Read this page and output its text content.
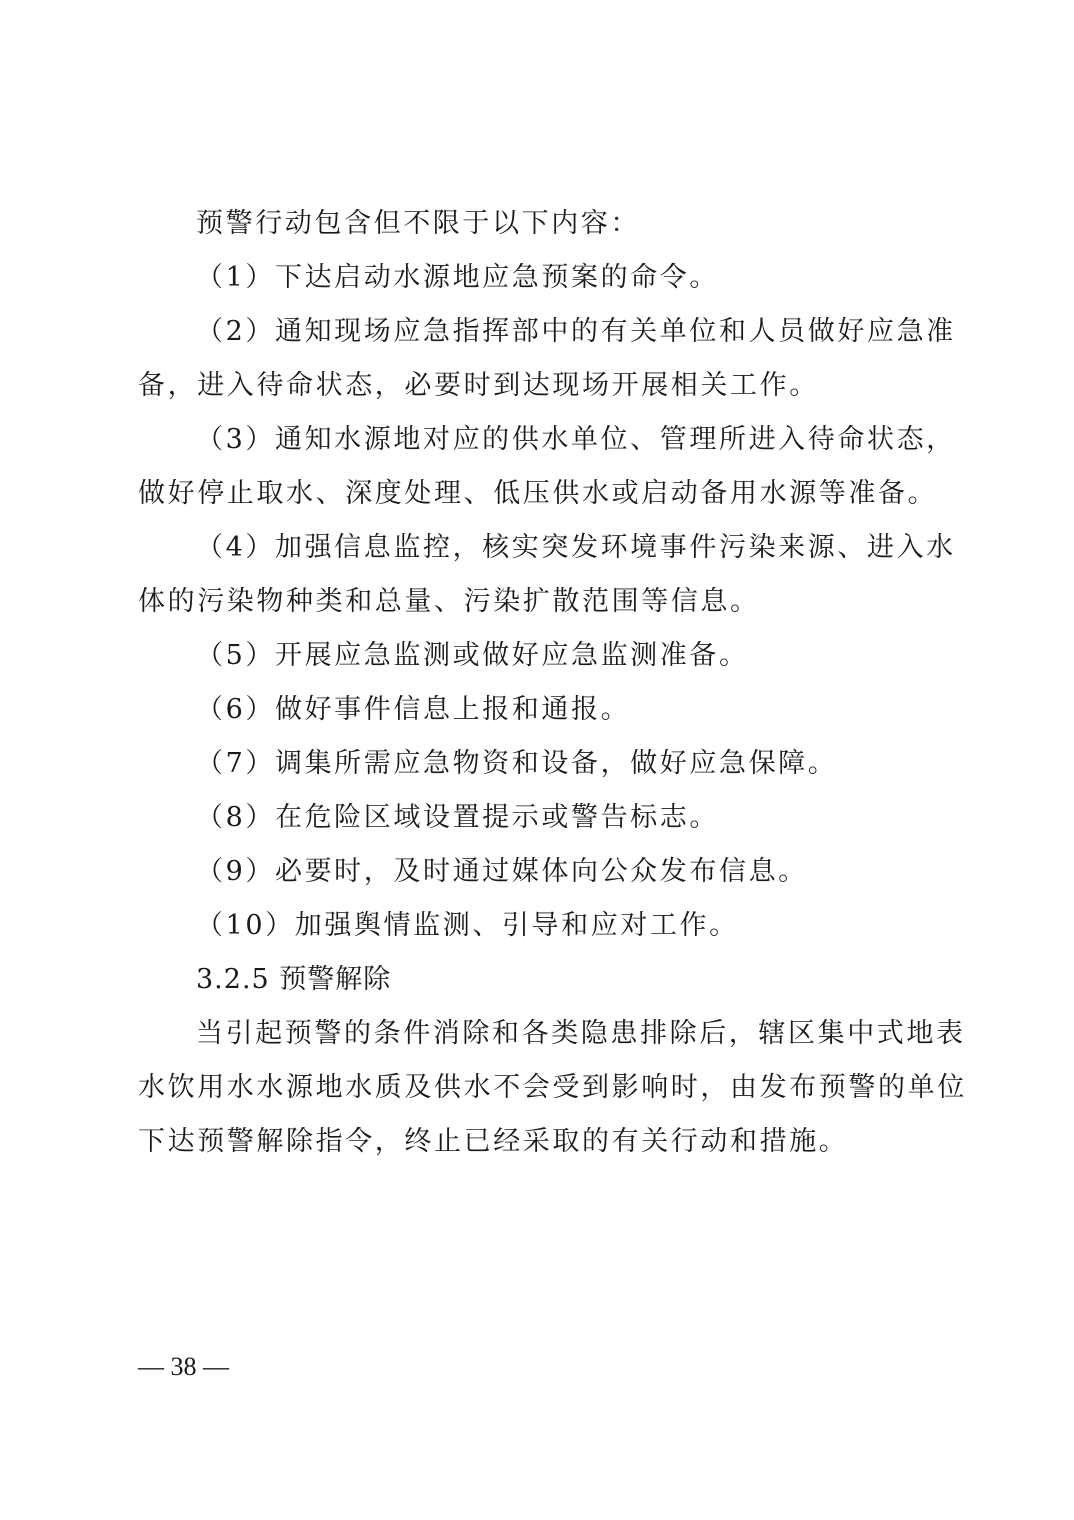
预警行动包含但不限于以下内容：
（1）下达启动水源地应急预案的命令。
（2）通知现场应急指挥部中的有关单位和人员做好应急准
备，进入待命状态，必要时到达现场开展相关工作。
（3）通知水源地对应的供水单位、管理所进入待命状态，
做好停止取水、深度处理、低压供水或启动备用水源等准备。
（4）加强信息监控，核实突发环境事件污染来源、进入水
体的污染物种类和总量、污染扩散范围等信息。
（5）开展应急监测或做好应急监测准备。
（6）做好事件信息上报和通报。
（7）调集所需应急物资和设备，做好应急保障。
（8）在危险区域设置提示或警告标志。
（9）必要时，及时通过媒体向公众发布信息。
（10）加强舆情监测、引导和应对工作。
3.2.5 预警解除
当引起预警的条件消除和各类隐患排除后，辖区集中式地表
水饮用水水源地水质及供水不会受到影响时，由发布预警的单位
下达预警解除指令，终止已经采取的有关行动和措施。
— 38 —
